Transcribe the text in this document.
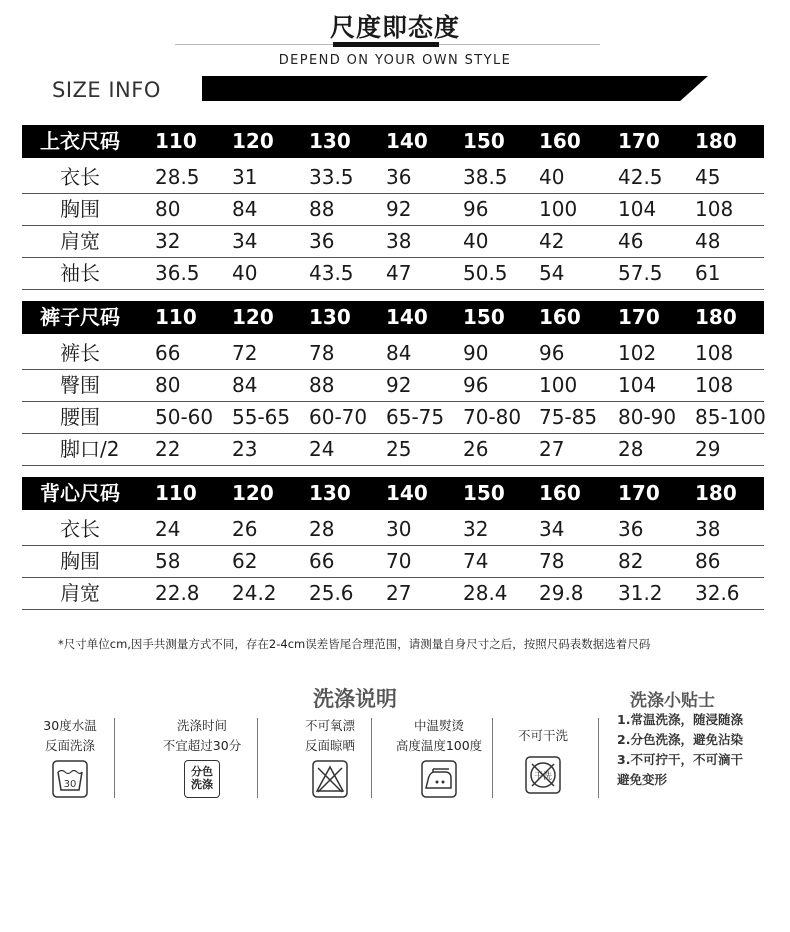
尺度即态度
DEPEND ON YOUR OWN STYLE
SIZE INFO
上衣尺码 110 120 130 140 150 160 170 180
衣长	28.5 31	33.5 36	38.5 40	42.5 45
胸围	80	84	88	92	96	100 104 108
肩宽	32	34	36	38	40	42	46	48
袖长	36.5 40	43.5 47	50.5 54	57.5 61
裤子尺码 110 120 130 140 150 160 170 180
裤长	66	72	78	84	90	96	102 108
臀围	80	84	88	92	96	100 104 108
腰围	50-60 55-65 60-70 65-75 70-80 75-85 80-90 85-100
脚口/2 22	23	24	25	26	27	28	29
背心尺码 110 120 130 140 150 160 170 180
衣长	24	26	28	30	32	34	36	38
胸围	58	62	66	70	74	78	82	86
肩宽	22.8 24.2 25.6 27	28.4 29.8 31.2 32.6
*尺寸单位cm,因手共测量方式不同，存在2-4cm误差皆尾合理范围，请测量自身尺寸之后，按照尺码表数据选着尺码
洗涤说明	洗涤小贴士
30度水温
反面洗涤
30
洗涤时间
不宜超过30分
分色
洗涤
不可氧漂
反面晾晒
中温熨烫
高度温度100度
不可干洗
干洗
1.常温洗涤，随浸随涤
2.分色洗涤，避免沾染
3.不可拧干，不可滴干
避免变形
